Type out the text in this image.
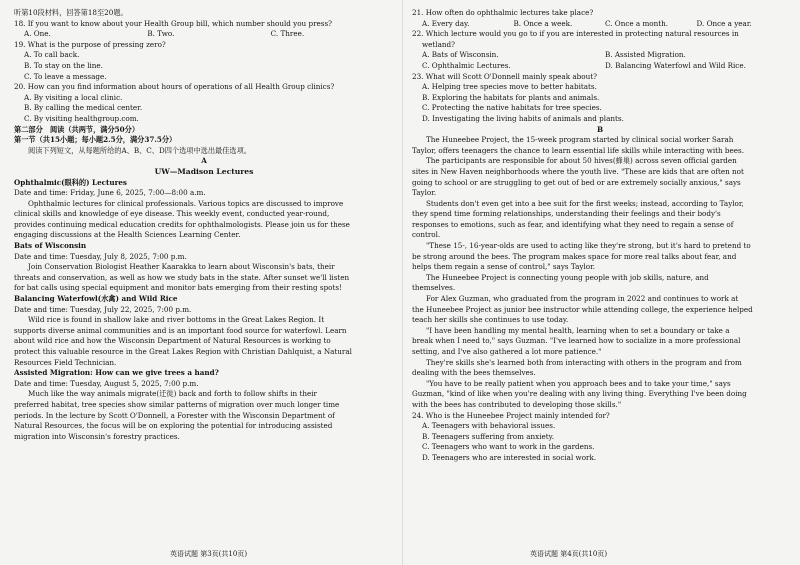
听第10段材料，回答第18至20题。
18. If you want to know about your Health Group bill, which number should you press?
A. One.	B. Two.	C. Three.
19. What is the purpose of pressing zero?
A. To call back.
B. To stay on the line.
C. To leave a message.
20. How can you find information about hours of operations of all Health Group clinics?
A. By visiting a local clinic.
B. By calling the medical center.
C. By visiting healthgroup.com.
第二部分　阅读（共两节，满分50分）
第一节（共15小题；每小题2.5分，满分37.5分）
阅读下列短文，从每题所给的A、B、C、D四个选项中选出最佳选项。
A
UW—Madison Lectures
Ophthalmic(眼科的) Lectures
Date and time: Friday, June 6, 2025, 7:00—8:00 a.m.
Ophthalmic lectures for clinical professionals. Various topics are discussed to improve
clinical skills and knowledge of eye disease. This weekly event, conducted year-round,
provides continuing medical education credits for ophthalmologists. Please join us for these
engaging discussions at the Health Sciences Learning Center.
Bats of Wisconsin
Date and time: Tuesday, July 8, 2025, 7:00 p.m.
Join Conservation Biologist Heather Kaarakka to learn about Wisconsin's bats, their
threats and conservation, as well as how we study bats in the state. After sunset we'll listen
for bat calls using special equipment and monitor bats emerging from their resting spots!
Balancing Waterfowl(水禽) and Wild Rice
Date and time: Tuesday, July 22, 2025, 7:00 p.m.
Wild rice is found in shallow lake and river bottoms in the Great Lakes Region. It
supports diverse animal communities and is an important food source for waterfowl. Learn
about wild rice and how the Wisconsin Department of Natural Resources is working to
protect this valuable resource in the Great Lakes Region with Christian Dahlquist, a Natural
Resources Field Technician.
Assisted Migration: How can we give trees a hand?
Date and time: Tuesday, August 5, 2025, 7:00 p.m.
Much like the way animals migrate(迁徙) back and forth to follow shifts in their
preferred habitat, tree species show similar patterns of migration over much longer time
periods. In the lecture by Scott O'Donnell, a Forester with the Wisconsin Department of
Natural Resources, the focus will be on exploring the potential for introducing assisted
migration into Wisconsin's forestry practices.
21. How often do ophthalmic lectures take place?
A. Every day.	B. Once a week.	C. Once a month.	D. Once a year.
22. Which lecture would you go to if you are interested in protecting natural resources in
wetland?
A. Bats of Wisconsin.	B. Assisted Migration.
C. Ophthalmic Lectures.	D. Balancing Waterfowl and Wild Rice.
23. What will Scott O'Donnell mainly speak about?
A. Helping tree species move to better habitats.
B. Exploring the habitats for plants and animals.
C. Protecting the native habitats for tree species.
D. Investigating the living habits of animals and plants.
B
The Huneebee Project, the 15-week program started by clinical social worker Sarah
Taylor, offers teenagers the chance to learn essential life skills while interacting with bees.
The participants are responsible for about 50 hives(蜂巢) across seven official garden
sites in New Haven neighborhoods where the youth live. "These are kids that are often not
going to school or are struggling to get out of bed or are extremely socially anxious," says
Taylor.
Students don't even get into a bee suit for the first weeks; instead, according to Taylor,
they spend time forming relationships, understanding their feelings and their body's
responses to emotions, such as fear, and identifying what they need to regain a sense of
control.
"These 15-, 16-year-olds are used to acting like they're strong, but it's hard to pretend to
be strong around the bees. The program makes space for more real talks about fear, and
helps them regain a sense of control," says Taylor.
The Huneebee Project is connecting young people with job skills, nature, and
themselves.
For Alex Guzman, who graduated from the program in 2022 and continues to work at
the Huneebee Project as junior bee instructor while attending college, the experience helped
teach her skills she continues to use today.
"I have been handling my mental health, learning when to set a boundary or take a
break when I need to," says Guzman. "I've learned how to socialize in a more professional
setting, and I've also gathered a lot more patience."
They're skills she's learned both from interacting with others in the program and from
dealing with the bees themselves.
"You have to be really patient when you approach bees and to take your time," says
Guzman, "kind of like when you're dealing with any living thing. Everything I've been doing
with the bees has contributed to developing those skills."
24. Who is the Huneebee Project mainly intended for?
A. Teenagers with behavioral issues.
B. Teenagers suffering from anxiety.
C. Teenagers who want to work in the gardens.
D. Teenagers who are interested in social work.
英语试题 第3页(共10页)	英语试题 第4页(共10页)
